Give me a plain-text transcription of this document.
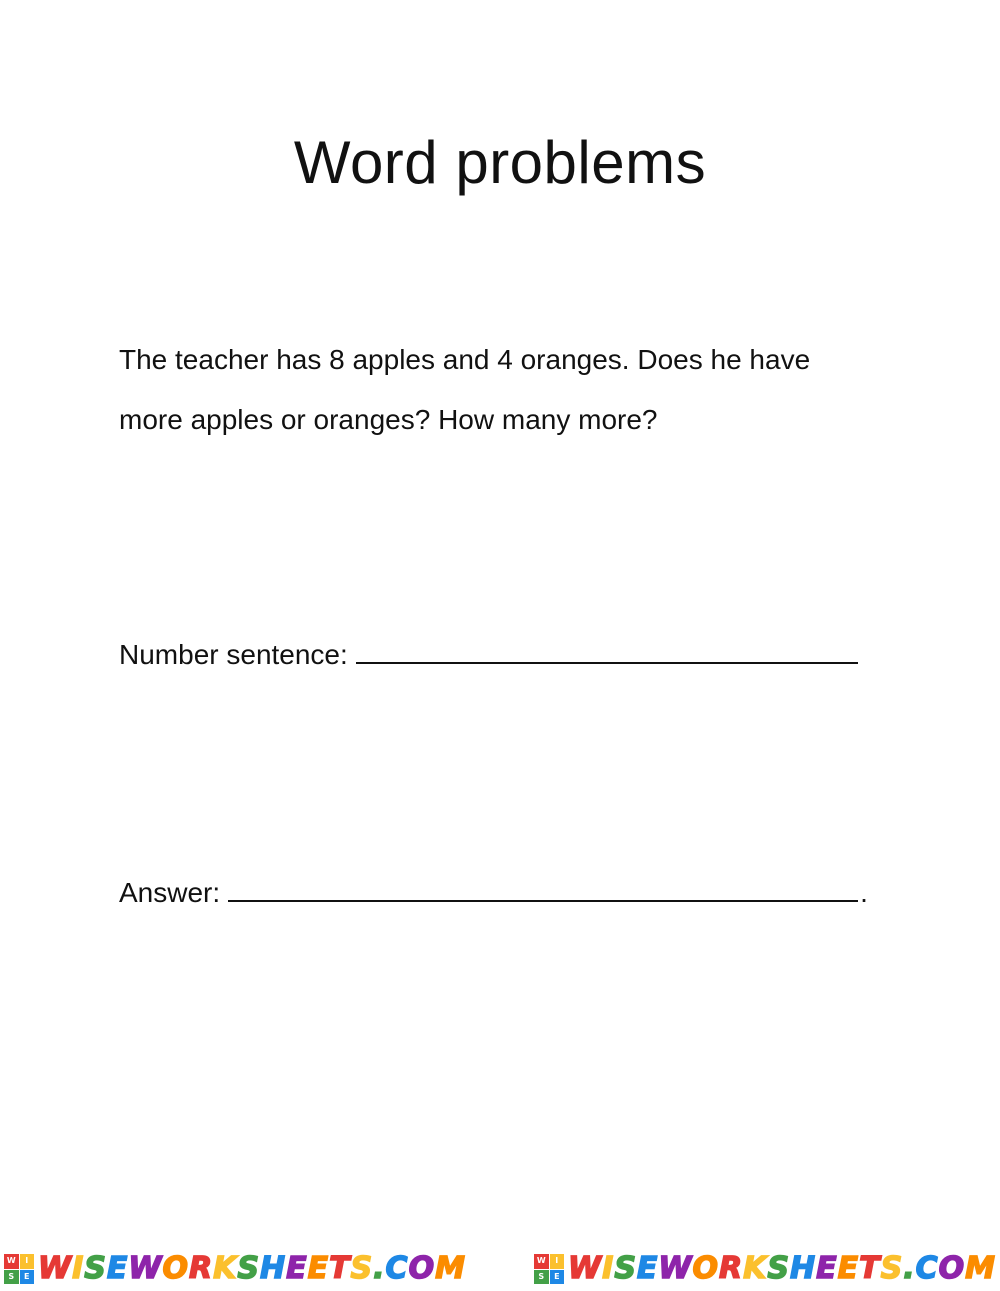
Word problems
The teacher has 8 apples and 4 oranges. Does he have
more apples or oranges? How many more?
Number sentence:
Answer:	.
W	I
S	E WISEWORKSHEETS.COM	W	I
S	E WISEWORKSHEETS.COM
